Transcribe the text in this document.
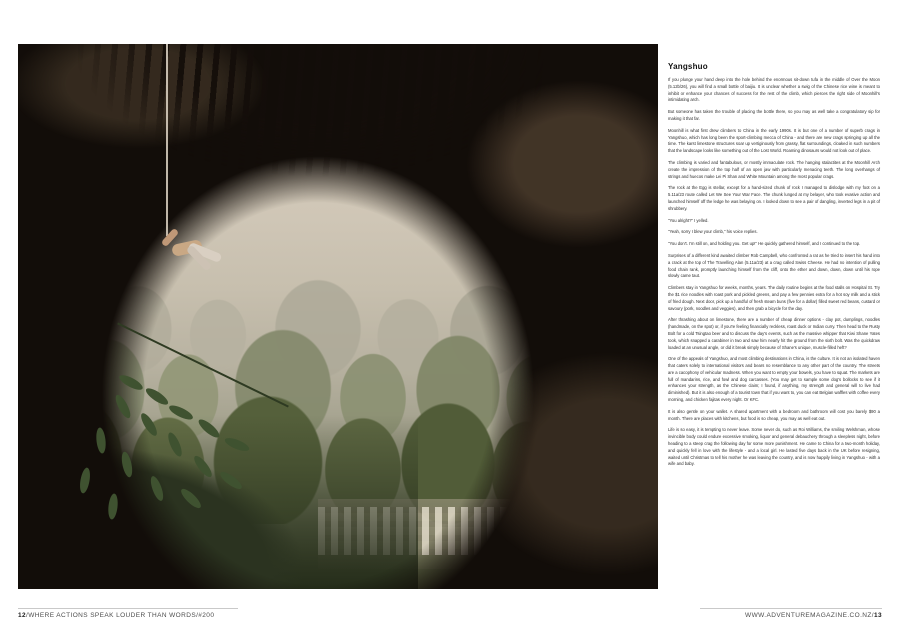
Yangshuo

If you plunge your hand deep into the hole behind the enormous sit-down tufa in the middle of Over the Moon (5.12b/26), you will find a small bottle of baijiu. It is unclear whether a swig of the Chinese rice wine is meant to inhibit or enhance your chances of success for the rest of the climb, which pierces the right side of Moonhill's intimidating arch.

But someone has taken the trouble of placing the bottle there, so you may as well take a congratulatory sip for making it that far.

Moonhill is what first drew climbers to China in the early 1990s. It is but one of a number of superb crags in Yangshuo, which has long been the sport-climbing mecca of China - and there are new crags springing up all the time. The karst limestone structures soar up vertiginously from grassy, flat surroundings, cloaked in such numbers that the landscape looks like something out of the Lost World. Roaming dinosaurs would not look out of place.

The climbing is varied and fantabulous, or mostly immaculate rock. The hanging stalactites at the Moonhill Arch create the impression of the top half of an open jaw with particularly menacing teeth. The long overhangs of strings and huecos make Lei Pi Shan and White Mountain among the most popular crags.

The rock at the Egg is stellar, except for a hand-sized chunk of rock I managed to dislodge with my foot on a 5.11a/23 route called Let We See Your War Face. The chunk lunged at my belayer, who took evasive action and launched himself off the ledge he was belaying on. I looked down to see a pair of dangling, inverted legs in a pit of shrubbery.

"You alright?" I yelled.

"Yeah, sorry I blew your climb," his voice replies.

"You don't. I'm still on, and holding you. Get up!" He quickly gathered himself, and I continued to the top.

Surprises of a different kind awaited climber Rob Campbell, who confronted a rat as he tried to insert his hand into a crack at the top of The Travelling Alan (5.11a/23) at a crag called Swiss Cheese. He had no intention of pulling food chain rank, promptly launching himself from the cliff, onto the ether and down, down, down until his rope slowly came taut.

Climbers stay in Yangshuo for weeks, months, years. The daily routine begins at the food stalls on Hospital St. Try the $1 rice noodles with roast pork and pickled greens, and pay a few pennies extra for a hot soy milk and a stick of fried dough. Next door, pick up a handful of fresh steam buns (five for a dollar) filled sweet red beans, custard or savoury (pork, noodles and veggies), and then grab a bicycle for the day.

After thrashing about on limestone, there are a number of cheap dinner options - clay pot, dumplings, noodles (handmade, on the spot) or, if you're feeling financially reckless, roast duck or Indian curry. Then head to the Rusty Bolt for a cold Tsingtao beer and to discuss the day's events, such as the massive whipper that Kiwi Shane Yates took, which snapped a carabiner in two and saw him nearly hit the ground from the sixth bolt. Was the quickdraw loaded at an unusual angle, or did it break simply because of Shane's unique, muscle-filled heft?

One of the appeals of Yangshuo, and most climbing destinations in China, is the culture. It is not an isolated haven that caters solely to international visitors and bears no resemblance to any other part of the country. The streets are a cacophony of vehicular madness. When you want to empty your bowels, you have to squat. The markets are full of mandarins, rice, and fowl and dog carcasses. (You may get to sample some dog's bollocks to see if it enhances your strength, as the Chinese claim; I found, if anything, my strength and general will to live had diminished). But it is also enough of a tourist town that if you want to, you can eat Belgian waffles with coffee every morning, and chicken fajitas every night. Or KFC.

It is also gentle on your wallet. A shared apartment with a bedroom and bathroom will cost you barely $90 a month. There are places with kitchens, but food is so cheap, you may as well eat out.

Life is so easy, it is tempting to never leave. Some never do, such as Roi Williams, the smiling Welshman, whose invincible body could endure excessive smoking, liquor and general debauchery through a sleepless night, before heading to a steep crag the following day for some more punishment. He came to China for a two-month holiday, and quickly fell in love with the lifestyle - and a local girl. He lasted five days back in the UK before resigning, waited until Christmas to tell his mother he was leaving the country, and is now happily living in Yangshuo - with a wife and baby.

12/WHERE ACTIONS SPEAK LOUDER THAN WORDS/#200	WWW.ADVENTUREMAGAZINE.CO.NZ/13
